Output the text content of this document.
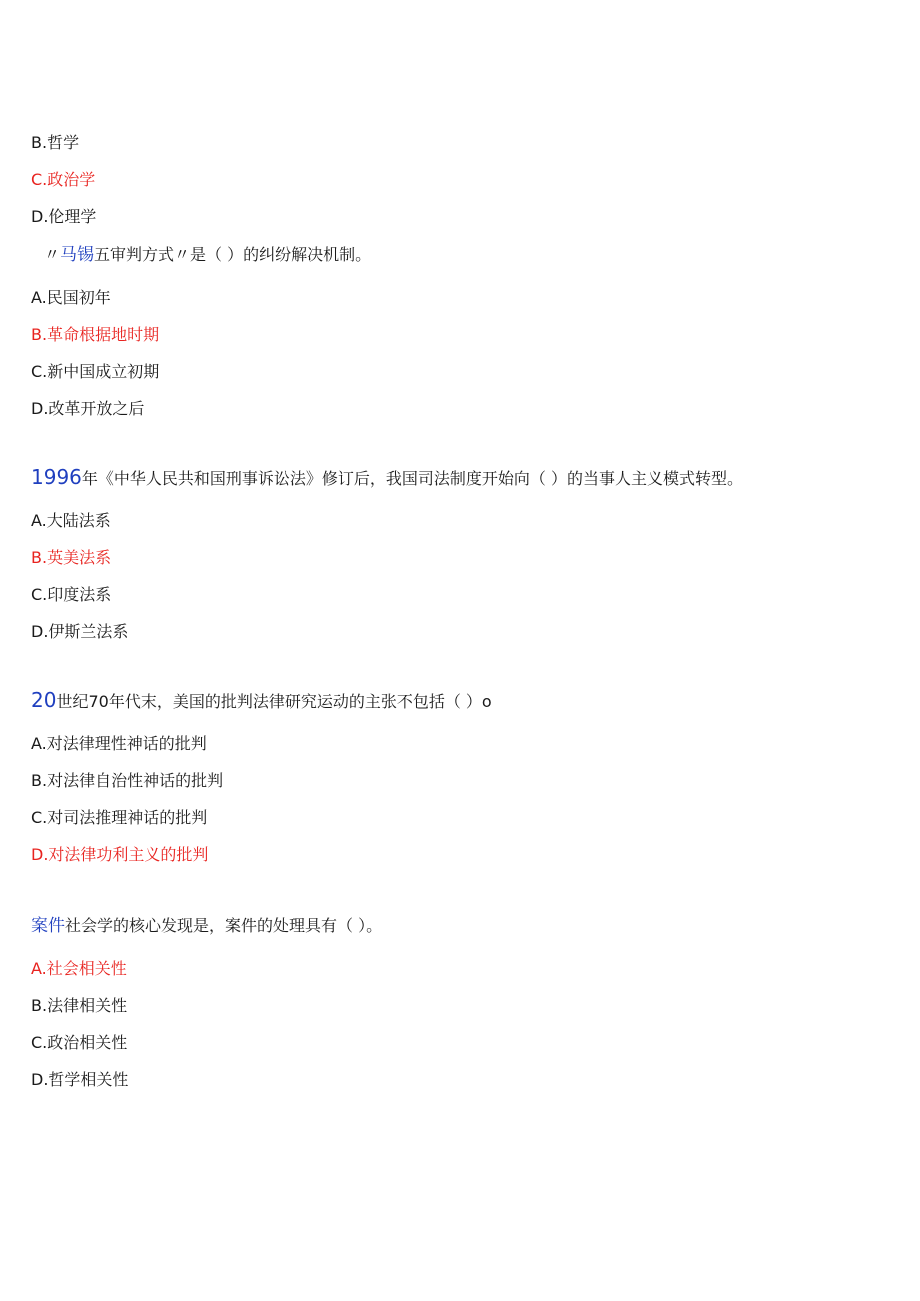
B.哲学
C.政治学
D.伦理学
〃马锡五审判方式〃是（ ）的纠纷解决机制。
A.民国初年
B.革命根据地时期
C.新中国成立初期
D.改革开放之后
1996年《中华人民共和国刑事诉讼法》修订后，我国司法制度开始向（ ）的当事人主义模式转型。
A.大陆法系
B.英美法系
C.印度法系
D.伊斯兰法系
20世纪70年代末，美国的批判法律研究运动的主张不包括（ ）o
A.对法律理性神话的批判
B.对法律自治性神话的批判
C.对司法推理神话的批判
D.对法律功利主义的批判
案件社会学的核心发现是，案件的处理具有（ ）。
A.社会相关性
B.法律相关性
C.政治相关性
D.哲学相关性
